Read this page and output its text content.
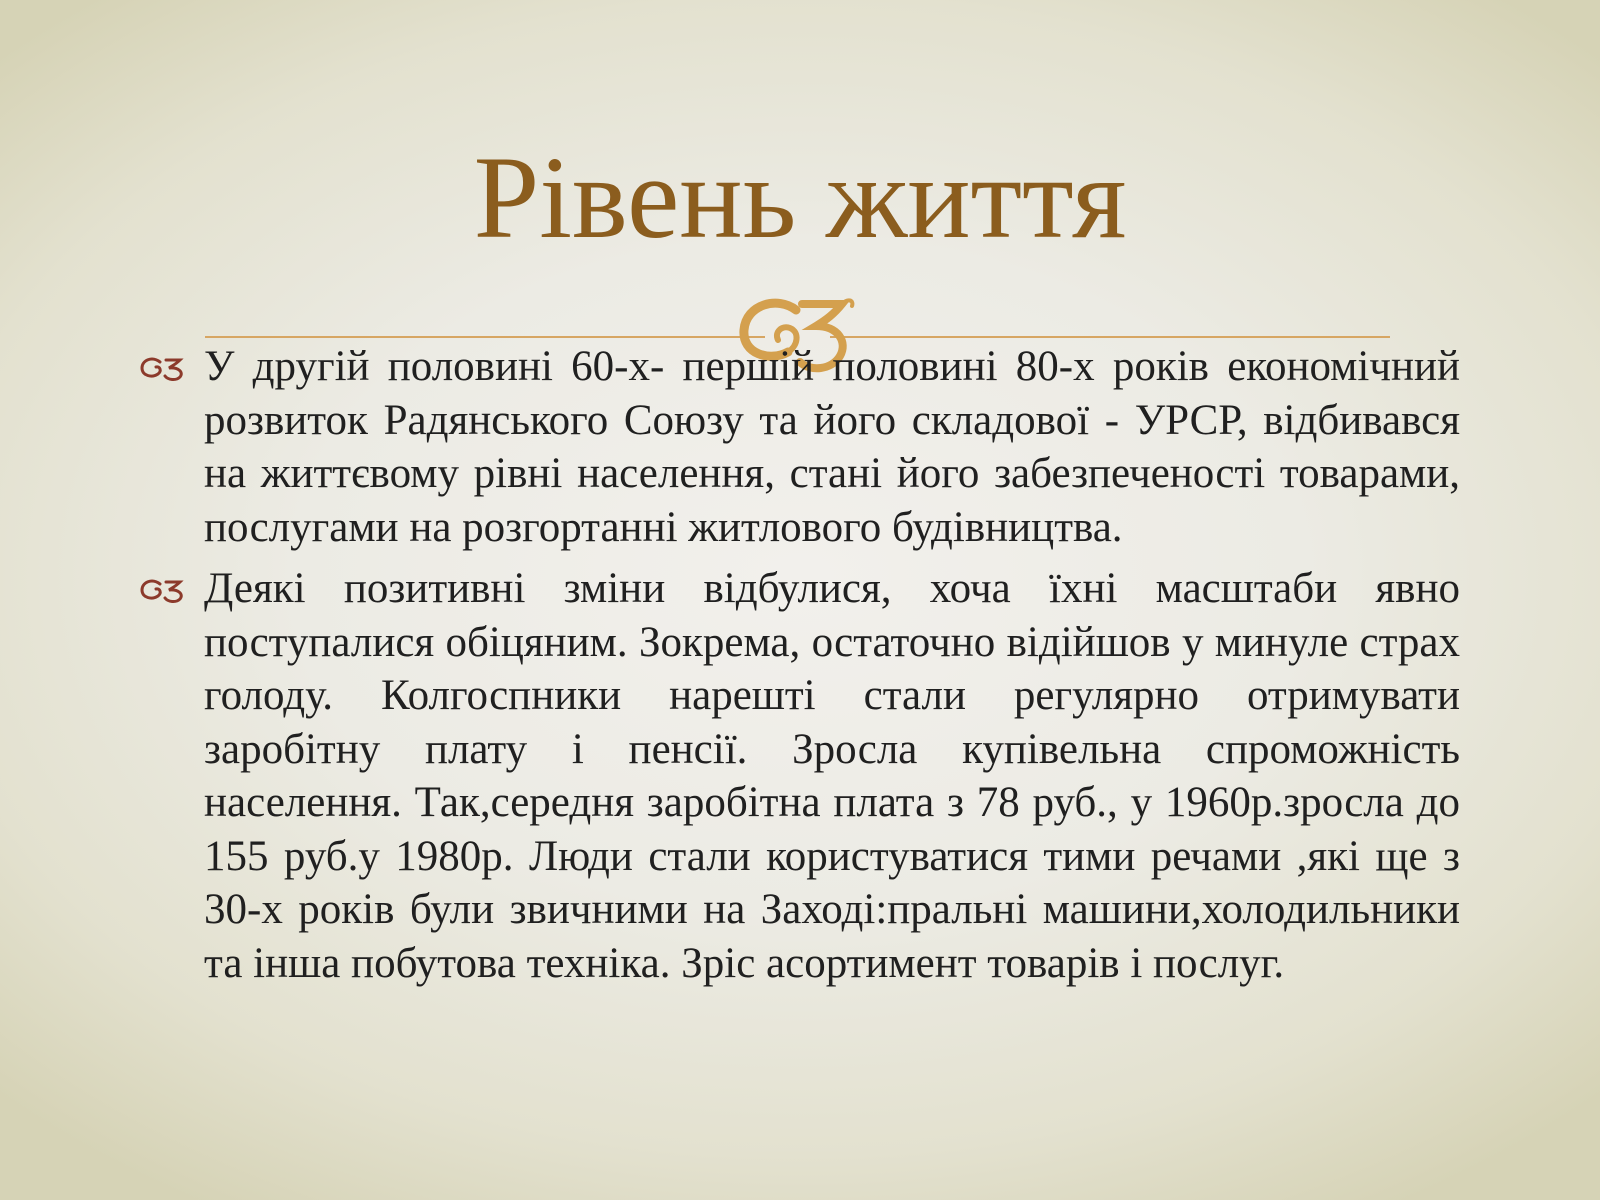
Рівень життя
У другій половині 60-х- першій половині 80-х років економічний розвиток Радянського Союзу та його складової - УРСР, відбивався на життєвому рівні населення, стані його забезпеченості товарами, послугами на розгортанні житлового будівництва.
Деякі позитивні зміни відбулися, хоча їхні масштаби явно поступалися обіцяним. Зокрема, остаточно відійшов у минуле страх голоду. Колгоспники нарешті стали регулярно отримувати заробітну плату і пенсії. Зросла купівельна спроможність населення. Так,середня заробітна плата з 78 руб., у 1960р.зросла до 155 руб.у 1980р. Люди стали користуватися тими речами ,які ще з 30-х років були звичними на Заході:пральні машини,холодильники та інша побутова техніка. Зріс асортимент товарів і послуг.
